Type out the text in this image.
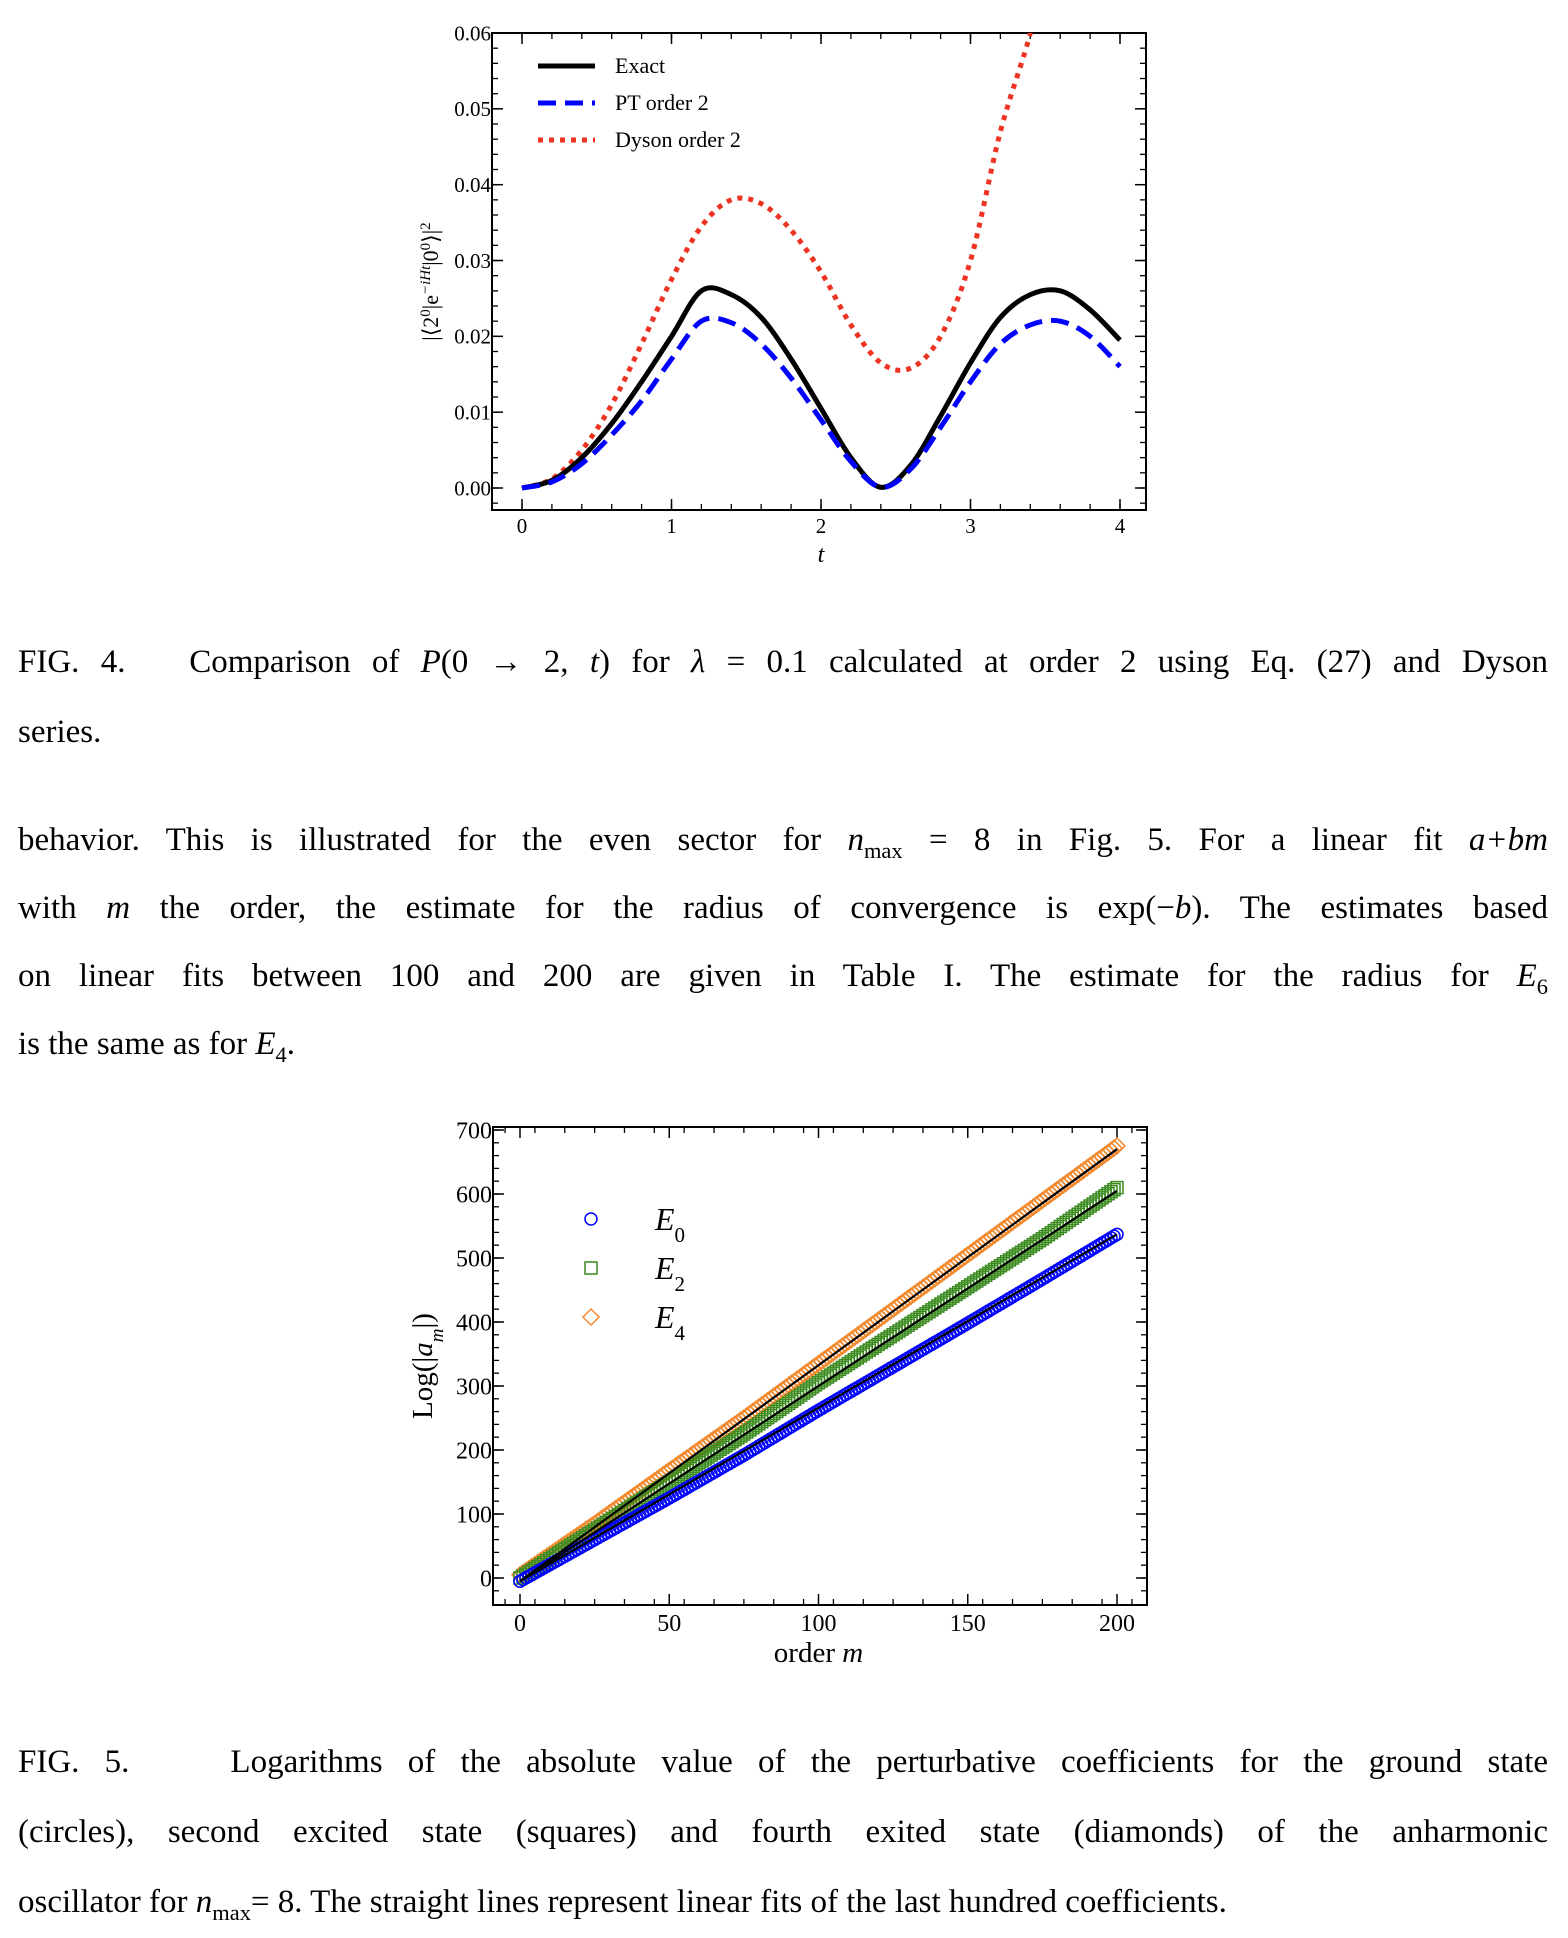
0	1	2	3	4
0.00
0.01
0.02
0.03
0.04
0.05
0.06
t
$|⟨2^0|e^{-iHt}|0^0⟩|^2$
Exact
PT order 2
Dyson order 2
FIG. 4. Comparison of P(0 → 2, t) for λ = 0.1 calculated at order 2 using Eq. (27) and Dyson
series.
behavior. This is illustrated for the even sector for $n_{max} = 8$ in Fig. 5. For a linear fit a+bm
with m the order, the estimate for the radius of convergence is exp(−b). The estimates based
on linear fits between 100 and 200 are given in Table I. The estimate for the radius for $E_6$
is the same as for $E_4$.
0	50	100	150	200
0
100
200
300
400
500
600
700
order m
$Log(|a_m|)$
$E_0$
$E_2$
$E_4$
FIG. 5.	Logarithms of the absolute value of the perturbative coefficients for the ground state
(circles), second excited state (squares) and fourth exited state (diamonds) of the anharmonic
oscillator for $n_{max}= 8$. The straight lines represent linear fits of the last hundred coefficients.
